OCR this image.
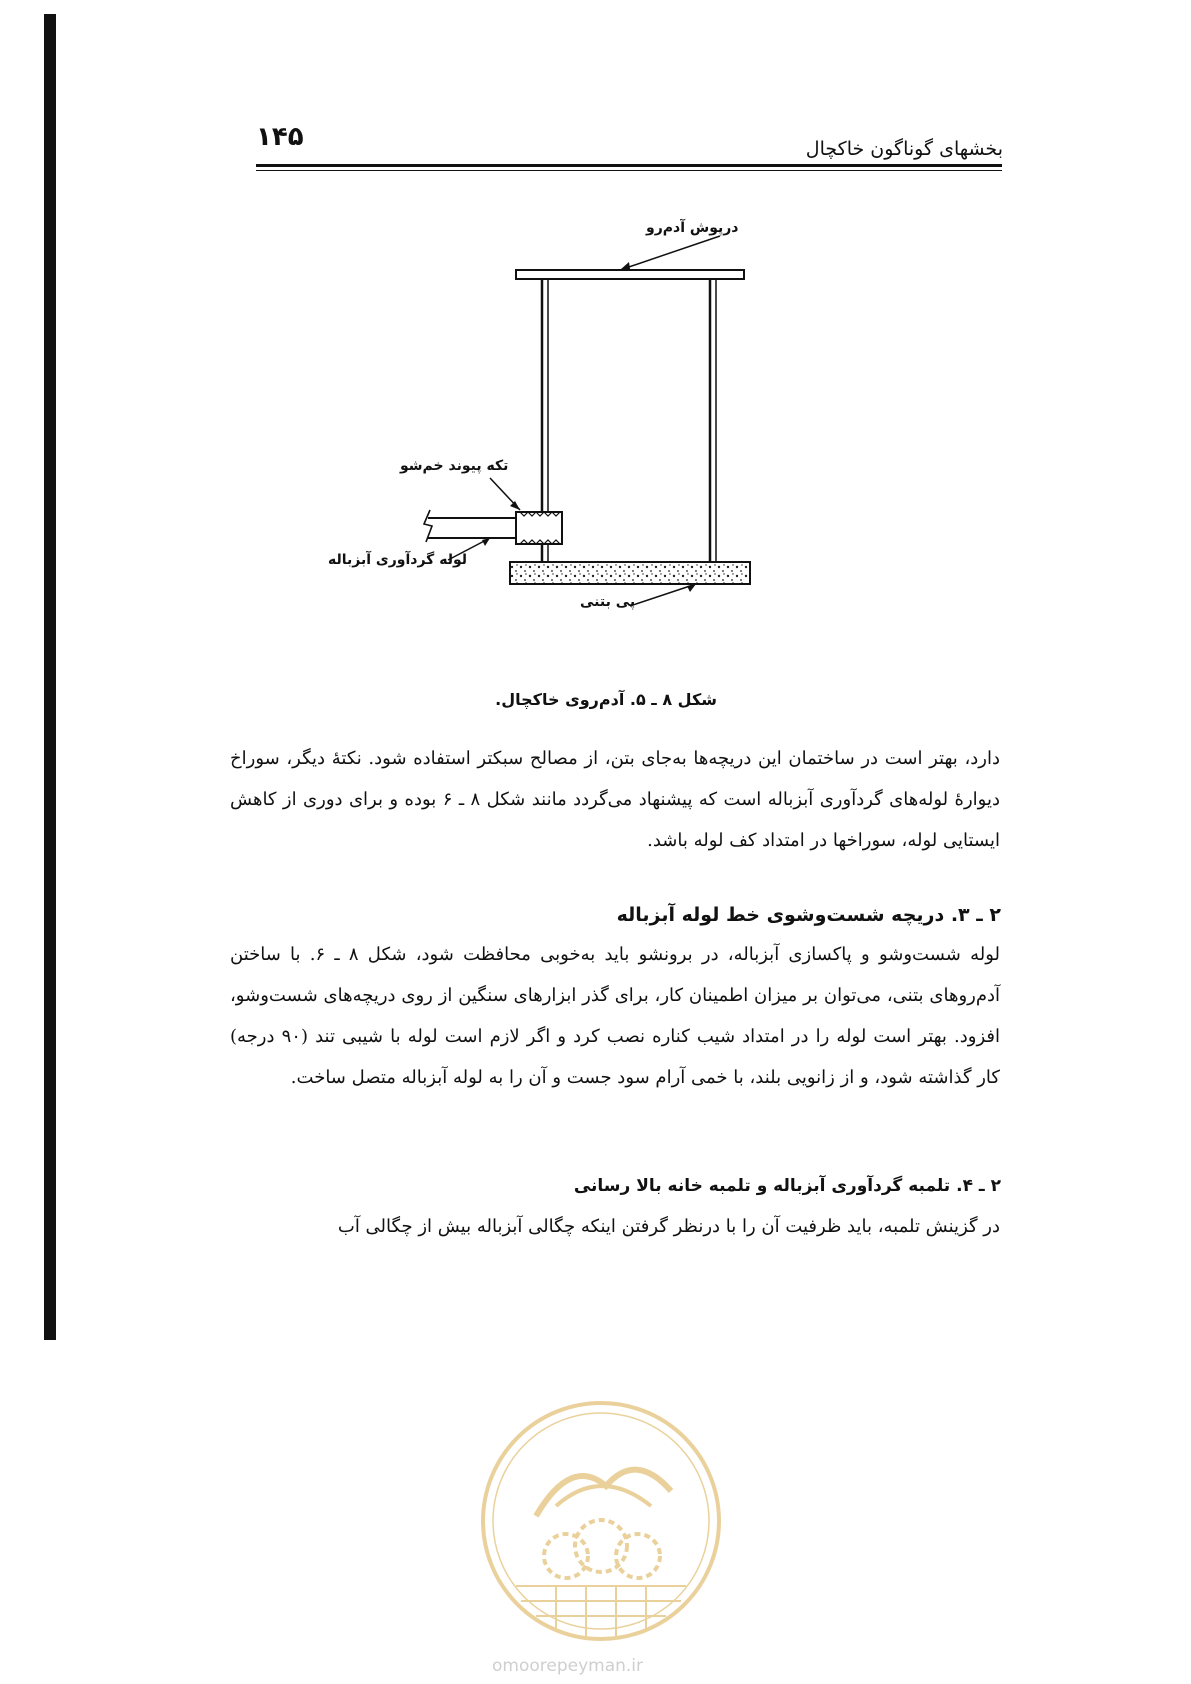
۱۴۵	بخشهای گوناگون خاکچال
درپوش آدم‌رو
تکه پیوند خم‌شو
لوله گردآوری آبزباله
پی بتنی
شکل ۸ ـ ۵. آدم‌روی خاکچال.

دارد، بهتر است در ساختمان این دریچه‌ها به‌جای بتن، از مصالح سبکتر استفاده شود. نکتهٔ دیگر، سوراخ دیوارهٔ لوله‌های گردآوری آبزباله است که پیشنهاد می‌گردد مانند شکل ۸ ـ ۶ بوده و برای دوری از کاهش ایستایی لوله، سوراخها در امتداد کف لوله باشد.

۲ ـ ۳. دریچه شست‌وشوی خط لوله آبزباله

لوله شست‌وشو و پاکسازی آبزباله، در برونشو باید به‌خوبی محافظت شود، شکل ۸ ـ ۶. با ساختن آدم‌روهای بتنی، می‌توان بر میزان اطمینان کار، برای گذر ابزارهای سنگین از روی دریچه‌های شست‌وشو، افزود. بهتر است لوله را در امتداد شیب کناره نصب کرد و اگر لازم است لوله با شیبی تند (۹۰ درجه) کار گذاشته شود، و از زانویی بلند، با خمی آرام سود جست و آن را به لوله آبزباله متصل ساخت.

۲ ـ ۴. تلمبه گردآوری آبزباله و تلمبه خانه بالا رسانی

در گزینش تلمبه، باید ظرفیت آن را با درنظر گرفتن اینکه چگالی آبزباله بیش از چگالی آب

omoorepeyman.ir
